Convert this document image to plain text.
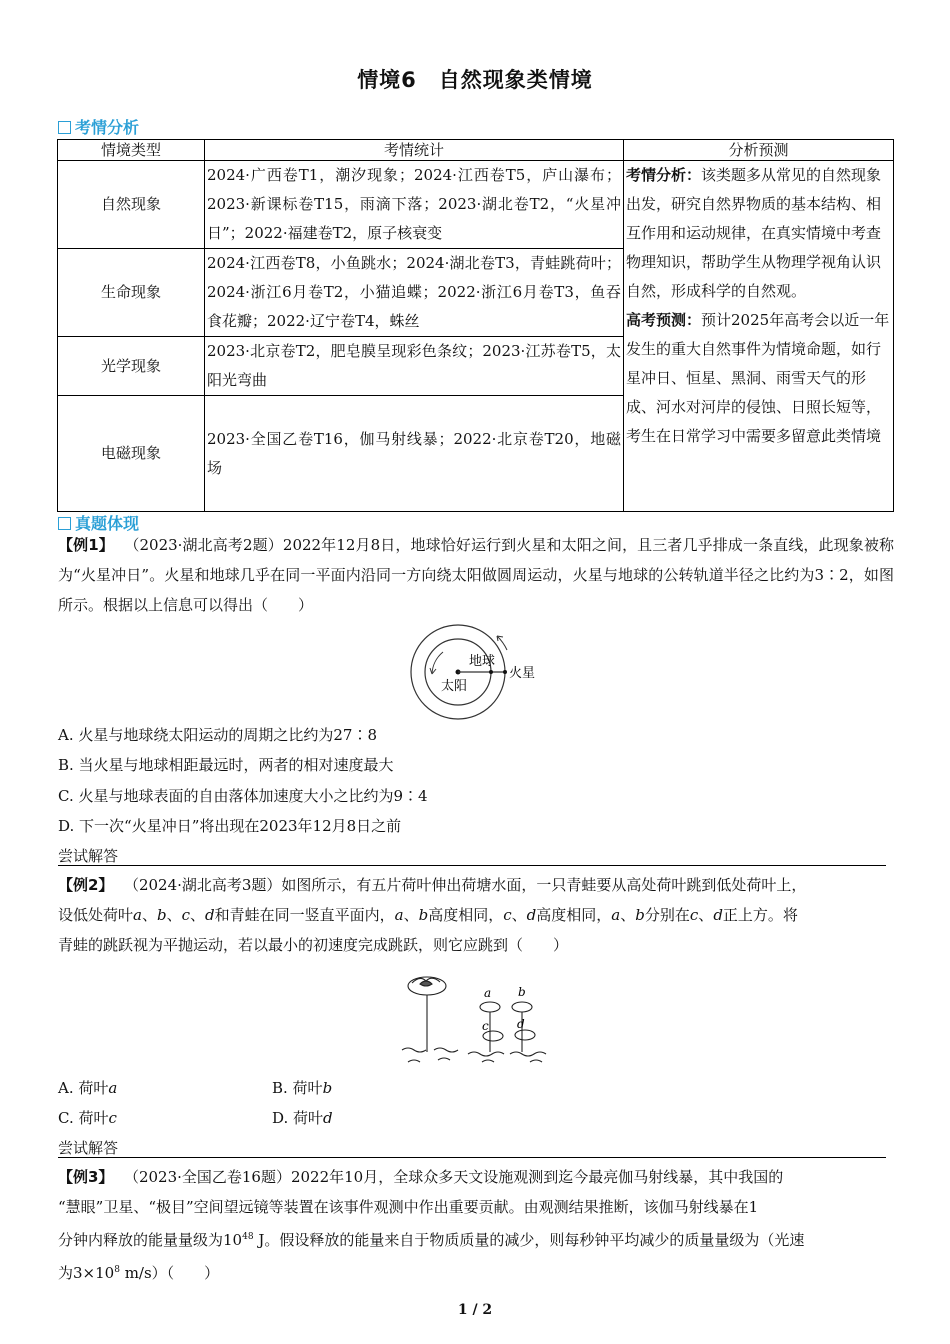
情境6　自然现象类情境
考情分析
情境类型	考情统计	分析预测
自然现象	2024·广西卷T1，潮汐现象；2024·江西卷T5，庐山瀑布；2023·新课标卷T15，雨滴下落；2023·湖北卷T2，“火星冲日”；2022·福建卷T2，原子核衰变	考情分析：该类题多从常见的自然现象出发，研究自然界物质的基本结构、相互作用和运动规律，在真实情境中考查物理知识，帮助学生从物理学视角认识自然，形成科学的自然观。
高考预测：预计2025年高考会以近一年发生的重大自然事件为情境命题，如行星冲日、恒星、黑洞、雨雪天气的形成、河水对河岸的侵蚀、日照长短等，考生在日常学习中需要多留意此类情境
生命现象	2024·江西卷T8，小鱼跳水；2024·湖北卷T3，青蛙跳荷叶；2024·浙江6月卷T2，小猫追蝶；2022·浙江6月卷T3，鱼吞食花瓣；2022·辽宁卷T4，蛛丝	
光学现象	2023·北京卷T2，肥皂膜呈现彩色条纹；2023·江苏卷T5，太阳光弯曲	
电磁现象	2023·全国乙卷T16，伽马射线暴；2022·北京卷T20，地磁场	
真题体现
【例1】 （2023·湖北高考2题）2022年12月8日，地球恰好运行到火星和太阳之间，且三者几乎排成一条直线，此现象被称为“火星冲日”。火星和地球几乎在同一平面内沿同一方向绕太阳做圆周运动，火星与地球的公转轨道半径之比约为3∶2，如图所示。根据以上信息可以得出（　　）
太阳
地球
火星
A. 火星与地球绕太阳运动的周期之比约为27∶8
B. 当火星与地球相距最远时，两者的相对速度最大
C. 火星与地球表面的自由落体加速度大小之比约为9∶4
D. 下一次“火星冲日”将出现在2023年12月8日之前
尝试解答
【例2】 （2024·湖北高考3题）如图所示，有五片荷叶伸出荷塘水面，一只青蛙要从高处荷叶跳到低处荷叶上，
设低处荷叶a、b、c、d和青蛙在同一竖直平面内，a、b高度相同，c、d高度相同，a、b分别在c、d正上方。将
青蛙的跳跃视为平抛运动，若以最小的初速度完成跳跃，则它应跳到（　　）
a b
c d
A. 荷叶a	B. 荷叶b
C. 荷叶c	D. 荷叶d
尝试解答
【例3】 （2023·全国乙卷16题）2022年10月，全球众多天文设施观测到迄今最亮伽马射线暴，其中我国的
“慧眼”卫星、“极目”空间望远镜等装置在该事件观测中作出重要贡献。由观测结果推断，该伽马射线暴在1
分钟内释放的能量量级为$10^{48}$ J。假设释放的能量来自于物质质量的减少，则每秒钟平均减少的质量量级为（光速
为$3\times 10^8$ m/s）（　　）
1 / 2
